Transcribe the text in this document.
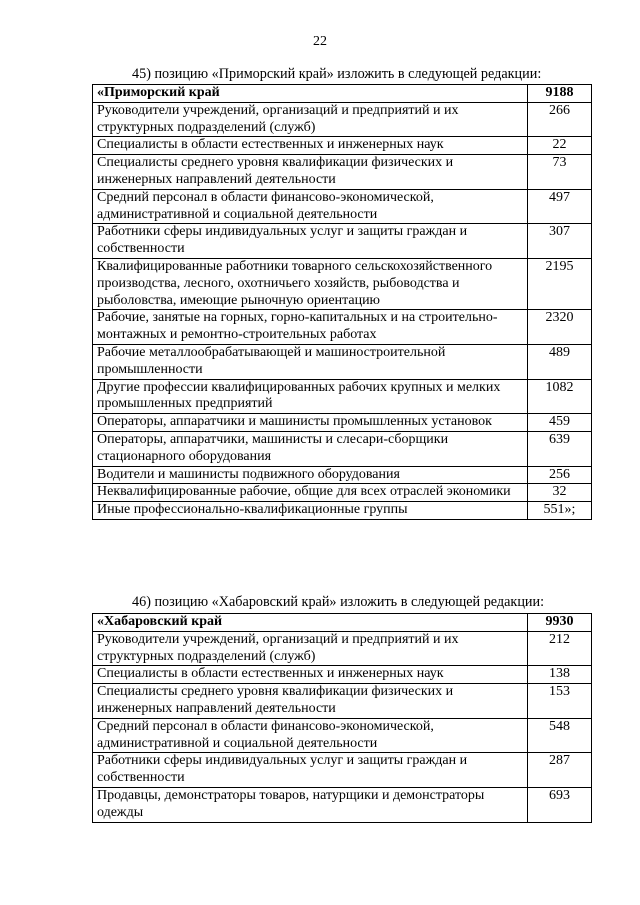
22
45) позицию «Приморский край» изложить в следующей редакции:
«Приморский край	9188
Руководители учреждений, организаций и предприятий и их структурных подразделений (служб)	266
Специалисты в области естественных и инженерных наук	22
Специалисты среднего уровня квалификации физических и инженерных направлений деятельности	73
Средний персонал в области финансово-экономической, административной и социальной деятельности	497
Работники сферы индивидуальных услуг и защиты граждан и собственности	307
Квалифицированные работники товарного сельскохозяйственного производства, лесного, охотничьего хозяйств, рыбоводства и рыболовства, имеющие рыночную ориентацию	2195
Рабочие, занятые на горных, горно-капитальных и на строительно-монтажных и ремонтно-строительных работах	2320
Рабочие металлообрабатывающей и машиностроительной промышленности	489
Другие профессии квалифицированных рабочих крупных и мелких промышленных предприятий	1082
Операторы, аппаратчики и машинисты промышленных установок	459
Операторы, аппаратчики, машинисты и слесари-сборщики стационарного оборудования	639
Водители и машинисты подвижного оборудования	256
Неквалифицированные рабочие, общие для всех отраслей экономики	32
Иные профессионально-квалификационные группы	551»;
46) позицию «Хабаровский край» изложить в следующей редакции:
«Хабаровский край	9930
Руководители учреждений, организаций и предприятий и их структурных подразделений (служб)	212
Специалисты в области естественных и инженерных наук	138
Специалисты среднего уровня квалификации физических и инженерных направлений деятельности	153
Средний персонал в области финансово-экономической, административной и социальной деятельности	548
Работники сферы индивидуальных услуг и защиты граждан и собственности	287
Продавцы, демонстраторы товаров, натурщики и демонстраторы одежды	693
